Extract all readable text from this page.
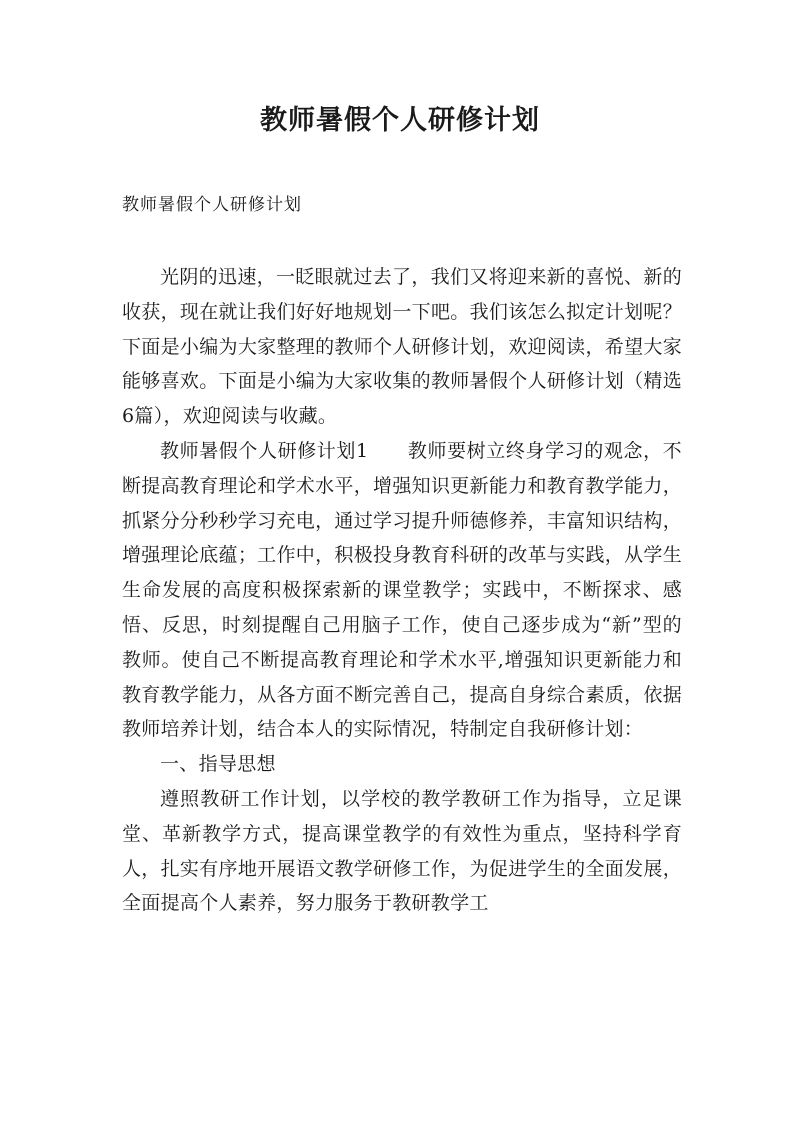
教师暑假个人研修计划
教师暑假个人研修计划

光阴的迅速，一眨眼就过去了，我们又将迎来新的喜悦、新的收获，现在就让我们好好地规划一下吧。我们该怎么拟定计划呢？下面是小编为大家整理的教师个人研修计划，欢迎阅读，希望大家能够喜欢。下面是小编为大家收集的教师暑假个人研修计划（精选6篇），欢迎阅读与收藏。

教师暑假个人研修计划1　　教师要树立终身学习的观念，不断提高教育理论和学术水平，增强知识更新能力和教育教学能力，抓紧分分秒秒学习充电，通过学习提升师德修养，丰富知识结构，增强理论底蕴；工作中，积极投身教育科研的改革与实践，从学生生命发展的高度积极探索新的课堂教学；实践中，不断探求、感悟、反思，时刻提醒自己用脑子工作，使自己逐步成为“新”型的教师。使自己不断提高教育理论和学术水平,增强知识更新能力和教育教学能力，从各方面不断完善自己，提高自身综合素质，依据教师培养计划，结合本人的实际情况，特制定自我研修计划：

一、指导思想

遵照教研工作计划，以学校的教学教研工作为指导，立足课堂、革新教学方式，提高课堂教学的有效性为重点，坚持科学育人，扎实有序地开展语文教学研修工作，为促进学生的全面发展，全面提高个人素养，努力服务于教研教学工
